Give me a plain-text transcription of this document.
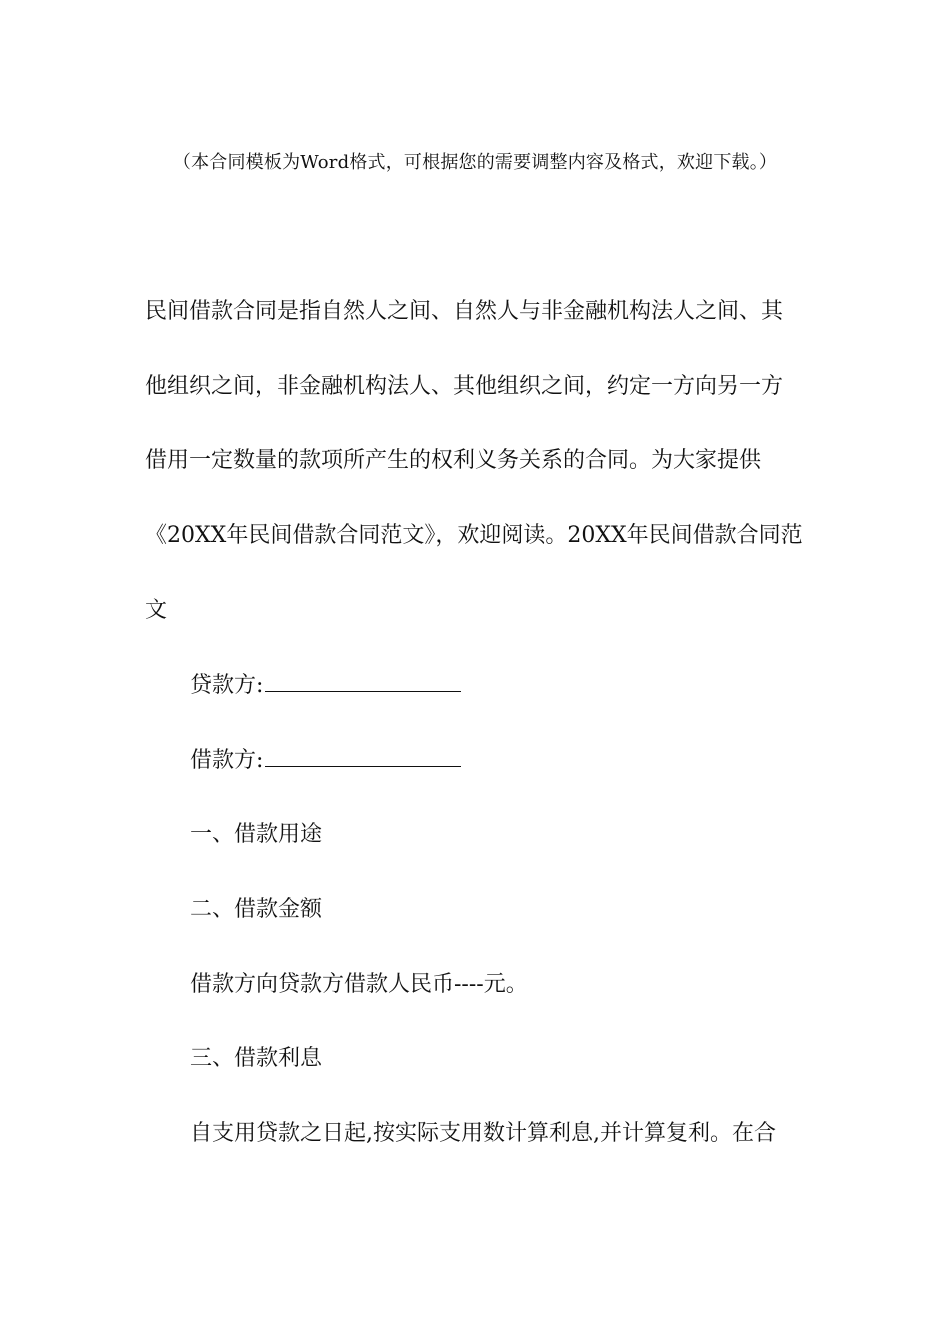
（本合同模板为Word格式，可根据您的需要调整内容及格式，欢迎下载。）
民间借款合同是指自然人之间、自然人与非金融机构法人之间、其
他组织之间，非金融机构法人、其他组织之间，约定一方向另一方
借用一定数量的款项所产生的权利义务关系的合同。为大家提供
《20XX年民间借款合同范文》，欢迎阅读。20XX年民间借款合同范
文
贷款方:
借款方:
一、借款用途
二、借款金额
借款方向贷款方借款人民币----元。
三、借款利息
自支用贷款之日起,按实际支用数计算利息,并计算复利。在合
